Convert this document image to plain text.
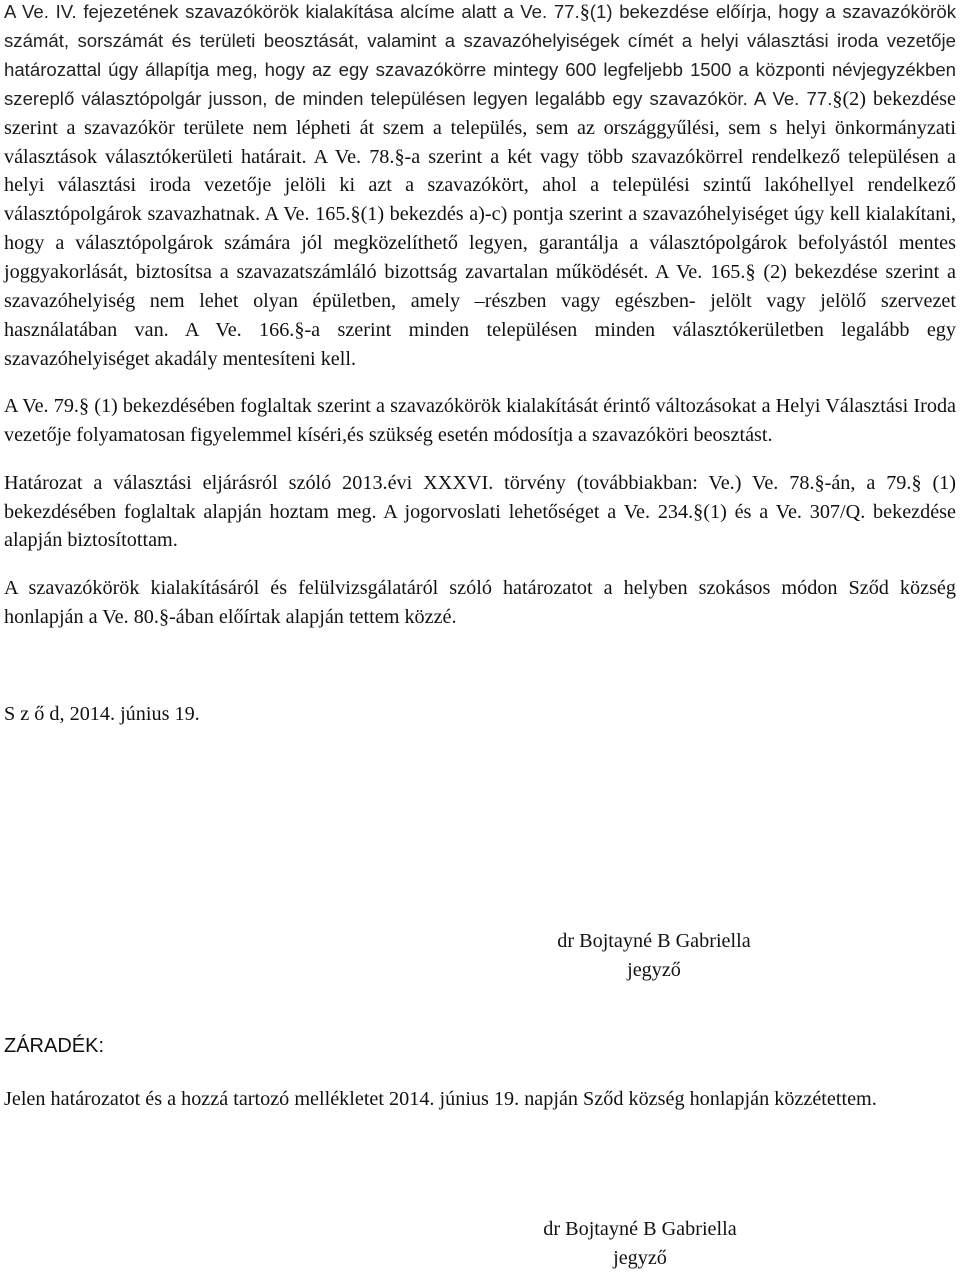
A Ve. IV. fejezetének szavazókörök kialakítása alcíme alatt a Ve. 77.§(1) bekezdése előírja, hogy a szavazókörök számát, sorszámát és területi beosztását, valamint a szavazóhelyiségek címét a helyi választási iroda vezetője határozattal úgy állapítja meg, hogy az egy szavazókörre mintegy 600 legfeljebb 1500 a központi névjegyzékben szereplő választópolgár jusson, de minden településen legyen legalább egy szavazókör. A Ve. 77.§(2) bekezdése szerint a szavazókör területe nem lépheti át szem a település, sem az országgyűlési, sem s helyi önkormányzati választások választókerületi határait. A Ve. 78.§-a szerint a két vagy több szavazókörrel rendelkező településen a helyi választási iroda vezetője jelöli ki azt a szavazókört, ahol a települési szintű lakóhellyel rendelkező választópolgárok szavazhatnak. A Ve. 165.§(1) bekezdés a)-c) pontja szerint a szavazóhelyiséget úgy kell kialakítani, hogy a választópolgárok számára jól megközelíthető legyen, garantálja a választópolgárok befolyástól mentes joggyakorlását, biztosítsa a szavazatszámláló bizottság zavartalan működését. A Ve. 165.§ (2) bekezdése szerint a szavazóhelyiség nem lehet olyan épületben, amely –részben vagy egészben- jelölt vagy jelölő szervezet használatában van. A Ve. 166.§-a szerint minden településen minden választókerületben legalább egy szavazóhelyiséget akadály mentesíteni kell.

A Ve. 79.§ (1) bekezdésében foglaltak szerint a szavazókörök kialakítását érintő változásokat a Helyi Választási Iroda vezetője folyamatosan figyelemmel kíséri,és szükség esetén módosítja a szavazóköri beosztást.

Határozat a választási eljárásról szóló 2013.évi XXXVI. törvény (továbbiakban: Ve.) Ve. 78.§-án, a 79.§ (1) bekezdésében foglaltak alapján hoztam meg. A jogorvoslati lehetőséget a Ve. 234.§(1) és a Ve. 307/Q. bekezdése alapján biztosítottam.

A szavazókörök kialakításáról és felülvizsgálatáról szóló határozatot a helyben szokásos módon Sződ község honlapján a Ve. 80.§-ában előírtak alapján tettem közzé.

S z ő d, 2014. június 19.

dr Bojtayné B Gabriella
jegyző
ZÁRADÉK:

Jelen határozatot és a hozzá tartozó mellékletet 2014. június 19. napján Sződ község honlapján közzétettem.

dr Bojtayné B Gabriella
jegyző
